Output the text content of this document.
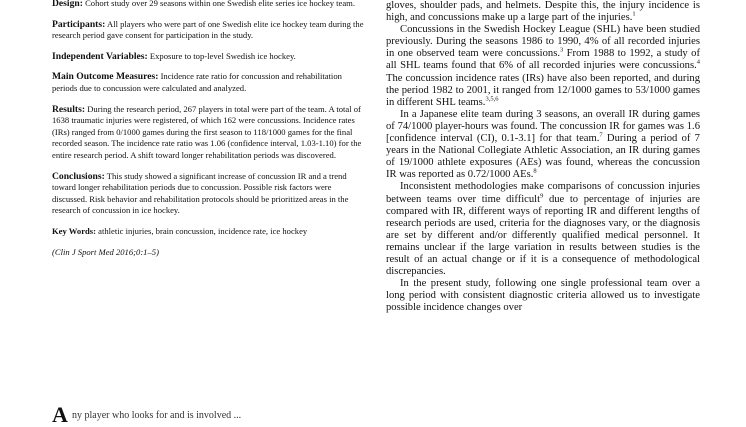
Design: Cohort study over 29 seasons within one Swedish elite series ice hockey team.

Participants: All players who were part of one Swedish elite ice hockey team during the research period gave consent for participation in the study.

Independent Variables: Exposure to top-level Swedish ice hockey.

Main Outcome Measures: Incidence rate ratio for concussion and rehabilitation periods due to concussion were calculated and analyzed.

Results: During the research period, 267 players in total were part of the team. A total of 1638 traumatic injuries were registered, of which 162 were concussions. Incidence rates (IRs) ranged from 0/1000 games during the first season to 118/1000 games for the final recorded season. The incidence rate ratio was 1.06 (confidence interval, 1.03-1.10) for the entire research period. A shift toward longer rehabilitation periods was discovered.

Conclusions: This study showed a significant increase of concussion IR and a trend toward longer rehabilitation periods due to concussion. Possible risk factors were discussed. Risk behavior and rehabilitation protocols should be prioritized areas in the research of concussion in ice hockey.

Key Words: athletic injuries, brain concussion, incidence rate, ice hockey

(Clin J Sport Med 2016;0:1–5)

A ny player who looks for and is involved ...

gloves, shoulder pads, and helmets. Despite this, the injury incidence is high, and concussions make up a large part of the injuries.$^1$

Concussions in the Swedish Hockey League (SHL) have been studied previously. During the seasons 1986 to 1990, 4% of all recorded injuries in one observed team were concussions.$^3$ From 1988 to 1992, a study of all SHL teams found that 6% of all recorded injuries were concussions.$^4$ The concussion incidence rates (IRs) have also been reported, and during the period 1982 to 2001, it ranged from 12/1000 games to 53/1000 games in different SHL teams.$^{3,5,6}$

In a Japanese elite team during 3 seasons, an overall IR during games of 74/1000 player-hours was found. The concussion IR for games was 1.6 [confidence interval (CI), 0.1-3.1] for that team.$^7$ During a period of 7 years in the National Collegiate Athletic Association, an IR during games of 19/1000 athlete exposures (AEs) was found, whereas the concussion IR was reported as 0.72/1000 AEs.$^8$

Inconsistent methodologies make comparisons of concussion injuries between teams over time difficult$^9$ due to percentage of injuries are compared with IR, different ways of reporting IR and different lengths of research periods are used, criteria for the diagnoses vary, or the diagnosis are set by different and/or differently qualified medical personnel. It remains unclear if the large variation in results between studies is the result of an actual change or if it is a consequence of methodological discrepancies.

In the present study, following one single professional team over a long period with consistent diagnostic criteria allowed us to investigate possible incidence changes over
